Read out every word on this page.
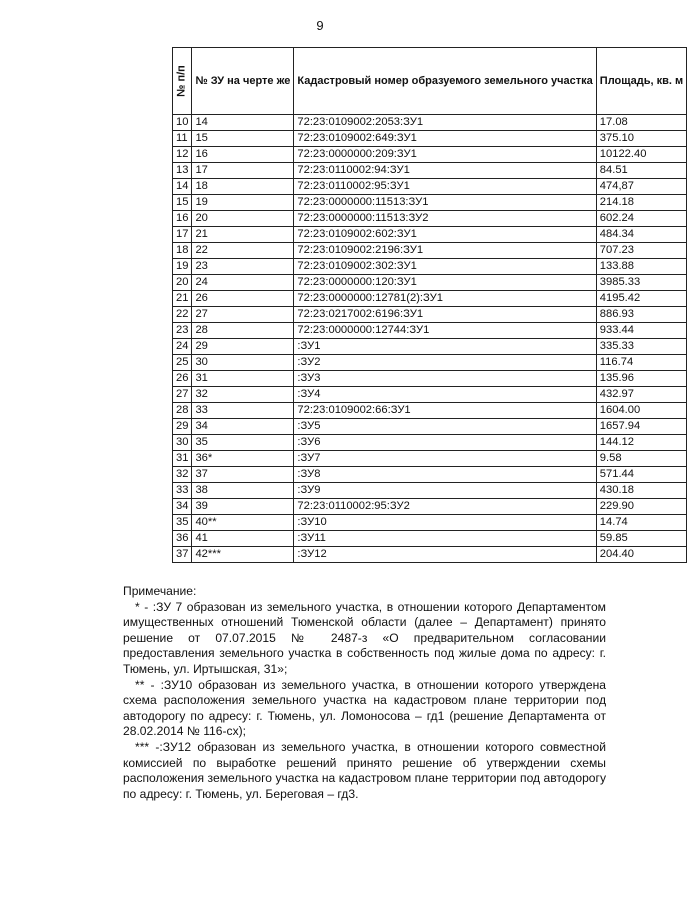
9
№ п/п	№ ЗУ на черте же	Кадастровый номер образуемого земельного участка	Площадь, кв. м
10	14	72:23:0109002:2053:ЗУ1	17.08
11	15	72:23:0109002:649:ЗУ1	375.10
12	16	72:23:0000000:209:ЗУ1	10122.40
13	17	72:23:0110002:94:ЗУ1	84.51
14	18	72:23:0110002:95:ЗУ1	474,87
15	19	72:23:0000000:11513:ЗУ1	214.18
16	20	72:23:0000000:11513:ЗУ2	602.24
17	21	72:23:0109002:602:ЗУ1	484.34
18	22	72:23:0109002:2196:ЗУ1	707.23
19	23	72:23:0109002:302:ЗУ1	133.88
20	24	72:23:0000000:120:ЗУ1	3985.33
21	26	72:23:0000000:12781(2):ЗУ1	4195.42
22	27	72:23:0217002:6196:ЗУ1	886.93
23	28	72:23:0000000:12744:ЗУ1	933.44
24	29	:ЗУ1	335.33
25	30	:ЗУ2	116.74
26	31	:ЗУ3	135.96
27	32	:ЗУ4	432.97
28	33	72:23:0109002:66:ЗУ1	1604.00
29	34	:ЗУ5	1657.94
30	35	:ЗУ6	144.12
31	36*	:ЗУ7	9.58
32	37	:ЗУ8	571.44
33	38	:ЗУ9	430.18
34	39	72:23:0110002:95:ЗУ2	229.90
35	40**	:ЗУ10	14.74
36	41	:ЗУ11	59.85
37	42***	:ЗУ12	204.40

Примечание:

* - :ЗУ 7 образован из земельного участка, в отношении которого Департаментом имущественных отношений Тюменской области (далее – Департамент) принято решение от 07.07.2015 № 2487-з «О предварительном согласовании предоставления земельного участка в собственность под жилые дома по адресу: г. Тюмень, ул. Иртышская, 31»;

** - :ЗУ10 образован из земельного участка, в отношении которого утверждена схема расположения земельного участка на кадастровом плане территории под автодорогу по адресу: г. Тюмень, ул. Ломоносова – гд1 (решение Департамента от 28.02.2014 № 116-сх);

*** -:ЗУ12 образован из земельного участка, в отношении которого совместной комиссией по выработке решений принято решение об утверждении схемы расположения земельного участка на кадастровом плане территории под автодорогу по адресу: г. Тюмень, ул. Береговая – гд3.
